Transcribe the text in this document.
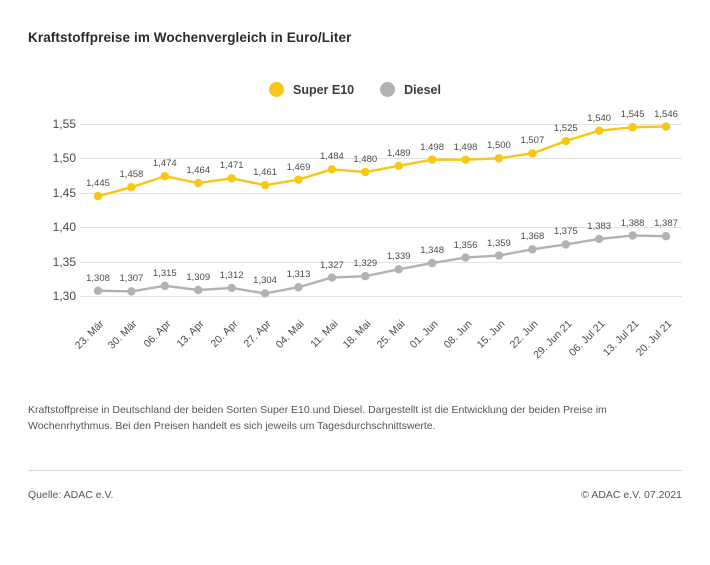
Kraftstoffpreise im Wochenvergleich in Euro/Liter
Super E10	Diesel
1,30
1,35
1,40
1,45
1,50
1,55
1,445
1,458
1,474
1,464 1,471
1,461
1,469
1,484 1,480
1,489
1,498 1,498 1,500 1,507
1,525
1,540 1,545 1,546
1,308 1,307
1,315 1,309 1,312
1,304
1,313
1,327 1,329
1,339
1,348
1,356 1,359
1,368 1,375
1,383 1,388 1,387
23. Mär 30. Mär 06. Apr 13. Apr 20. Apr 27. Apr 04. Mai 11. Mai 18. Mai 25. Mai 01. Jun 08. Jun 15. Jun 22. Jun
29. Jun 21
06. Jul 21
13. Jul 21
20. Jul 21
Kraftstoffpreise in Deutschland der beiden Sorten Super E10 und Diesel. Dargestellt ist die Entwicklung der beiden Preise im Wochenrhythmus. Bei den Preisen handelt es sich jeweils um Tagesdurchschnittswerte.
Quelle: ADAC e.V.	© ADAC e.V. 07.2021
